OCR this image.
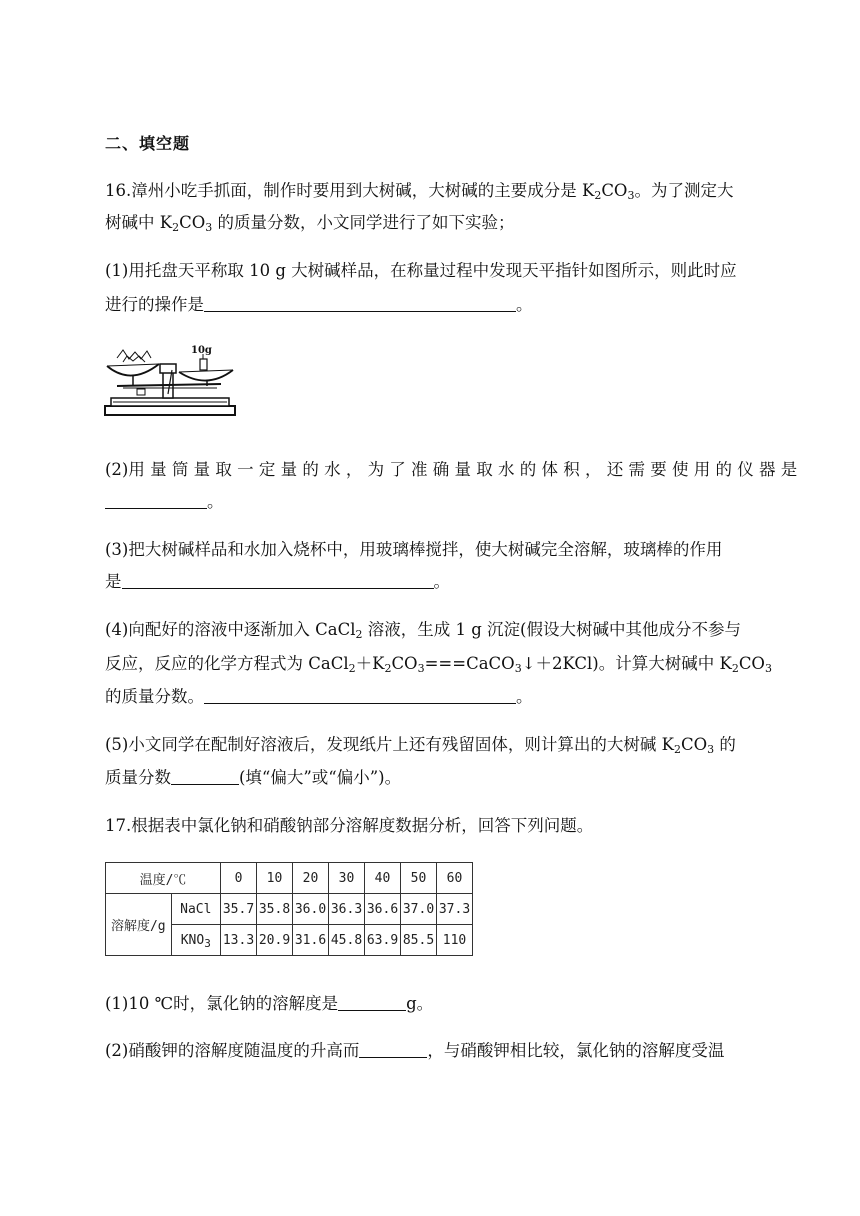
二、填空题
16.漳州小吃手抓面，制作时要用到大树碱，大树碱的主要成分是 $K_2CO_3$。为了测定大
树碱中 $K_2CO_3$ 的质量分数，小文同学进行了如下实验；
(1)用托盘天平称取 10 g 大树碱样品，在称量过程中发现天平指针如图所示，则此时应
进行的操作是	。
10g
(2)用 量 筒 量 取 一 定 量 的 水 ， 为 了 准 确 量 取 水 的 体 积 ， 还 需 要 使 用 的 仪 器 是
。
(3)把大树碱样品和水加入烧杯中，用玻璃棒搅拌，使大树碱完全溶解，玻璃棒的作用
是	。
(4)向配好的溶液中逐渐加入 CaCl$_2$ 溶液，生成 1 g 沉淀(假设大树碱中其他成分不参与
反应，反应的化学方程式为 $CaCl_2+K_2CO_3===CaCO_3↓+2KCl$)。计算大树碱中 $K_2CO_3$
的质量分数。	。
(5)小文同学在配制好溶液后，发现纸片上还有残留固体，则计算出的大树碱 $K_2CO_3$ 的
质量分数	(填“偏大”或“偏小”)。
17.根据表中氯化钠和硝酸钠部分溶解度数据分析，回答下列问题。
温度/℃		0	10	20	30	40	50	60
溶解度/g	NaCl	35.7	35.8	36.0	36.3	36.6	37.0	37.3
	$KNO_3$	13.3	20.9	31.6	45.8	63.9	85.5	110
(1)10 ℃时，氯化钠的溶解度是	g。
(2)硝酸钾的溶解度随温度的升高而	，与硝酸钾相比较，氯化钠的溶解度受温
